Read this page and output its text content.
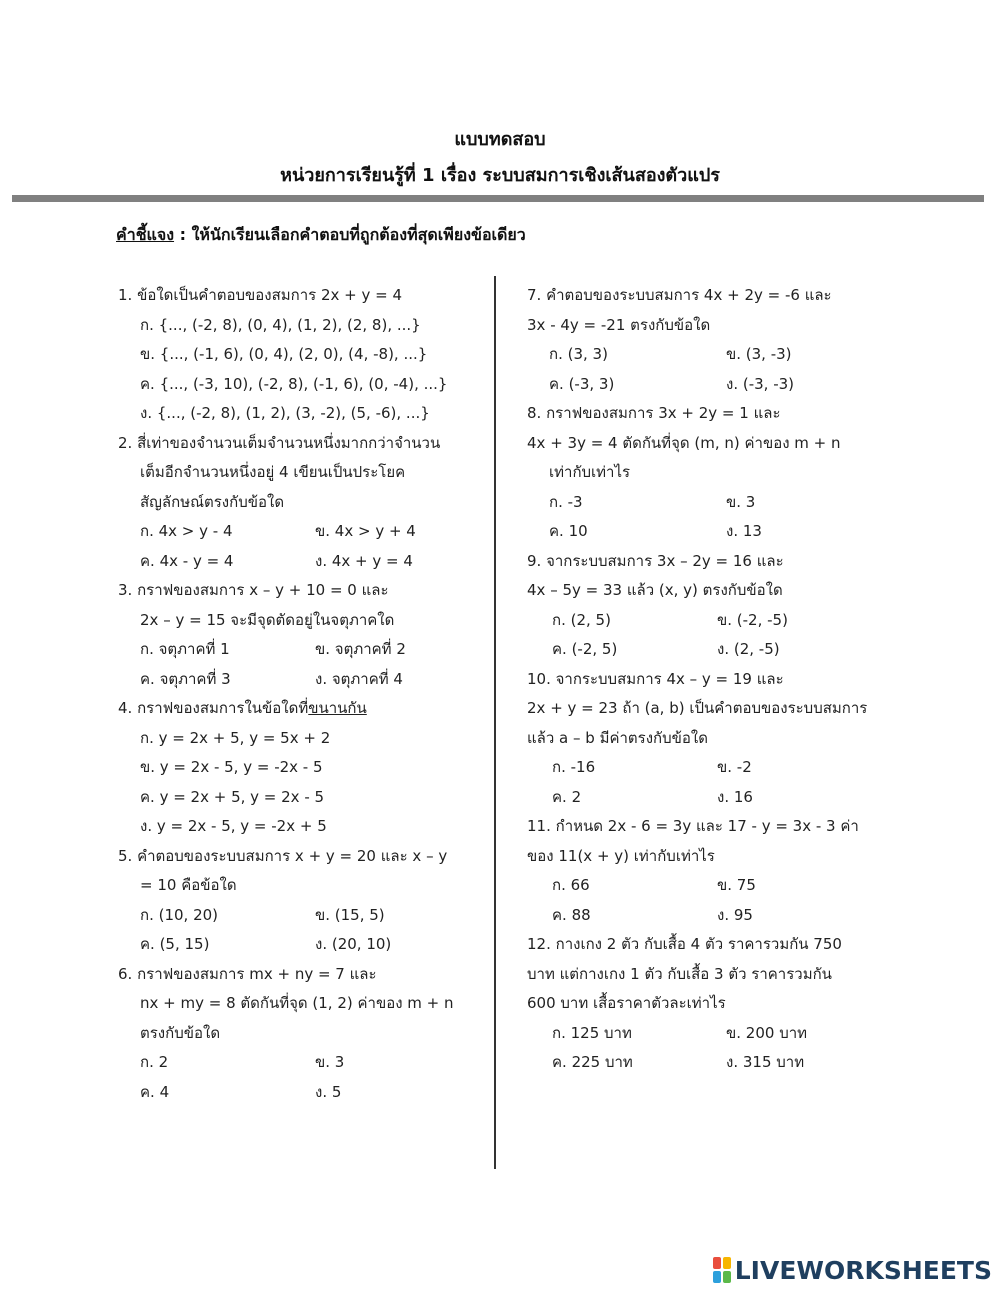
แบบทดสอบ
หน่วยการเรียนรู้ที่ 1 เรื่อง ระบบสมการเชิงเส้นสองตัวแปร
คำชี้แจง : ให้นักเรียนเลือกคำตอบที่ถูกต้องที่สุดเพียงข้อเดียว
1. ข้อใดเป็นคำตอบของสมการ 2x + y = 4
ก. {..., (-2, 8), (0, 4), (1, 2), (2, 8), ...}
ข. {..., (-1, 6), (0, 4), (2, 0), (4, -8), ...}
ค. {..., (-3, 10), (-2, 8), (-1, 6), (0, -4), ...}
ง. {..., (-2, 8), (1, 2), (3, -2), (5, -6), ...}
2. สี่เท่าของจำนวนเต็มจำนวนหนึ่งมากกว่าจำนวน
เต็มอีกจำนวนหนึ่งอยู่ 4 เขียนเป็นประโยค
สัญลักษณ์ตรงกับข้อใด
ก. 4x > y - 4	ข. 4x > y + 4
ค. 4x - y = 4	ง. 4x + y = 4
3. กราฟของสมการ x – y + 10 = 0 และ
2x – y = 15 จะมีจุดตัดอยู่ในจตุภาคใด
ก. จตุภาคที่ 1	ข. จตุภาคที่ 2
ค. จตุภาคที่ 3	ง. จตุภาคที่ 4
4. กราฟของสมการในข้อใดที่ขนานกัน
ก. y = 2x + 5, y = 5x + 2
ข. y = 2x - 5, y = -2x - 5
ค. y = 2x + 5, y = 2x - 5
ง. y = 2x - 5, y = -2x + 5
5. คำตอบของระบบสมการ x + y = 20 และ x – y
= 10 คือข้อใด
ก. (10, 20)	ข. (15, 5)
ค. (5, 15)	ง. (20, 10)
6. กราฟของสมการ mx + ny = 7 และ
nx + my = 8 ตัดกันที่จุด (1, 2) ค่าของ m + n
ตรงกับข้อใด
ก. 2	ข. 3
ค. 4	ง. 5
7. คำตอบของระบบสมการ 4x + 2y = -6 และ
3x - 4y = -21 ตรงกับข้อใด
ก. (3, 3)	ข. (3, -3)
ค. (-3, 3)	ง. (-3, -3)
8. กราฟของสมการ 3x + 2y = 1 และ
4x + 3y = 4 ตัดกันที่จุด (m, n) ค่าของ m + n
เท่ากับเท่าไร
ก. -3	ข. 3
ค. 10	ง. 13
9. จากระบบสมการ 3x – 2y = 16 และ
4x – 5y = 33 แล้ว (x, y) ตรงกับข้อใด
ก. (2, 5)	ข. (-2, -5)
ค. (-2, 5)	ง. (2, -5)
10. จากระบบสมการ 4x – y = 19 และ
2x + y = 23 ถ้า (a, b) เป็นคำตอบของระบบสมการ
แล้ว a – b มีค่าตรงกับข้อใด
ก. -16	ข. -2
ค. 2	ง. 16
11. กำหนด 2x - 6 = 3y และ 17 - y = 3x - 3 ค่า
ของ 11(x + y) เท่ากับเท่าไร
ก. 66	ข. 75
ค. 88	ง. 95
12. กางเกง 2 ตัว กับเสื้อ 4 ตัว ราคารวมกัน 750
บาท แต่กางเกง 1 ตัว กับเสื้อ 3 ตัว ราคารวมกัน
600 บาท เสื้อราคาตัวละเท่าไร
ก. 125 บาท	ข. 200 บาท
ค. 225 บาท	ง. 315 บาท
LIVEWORKSHEETS
